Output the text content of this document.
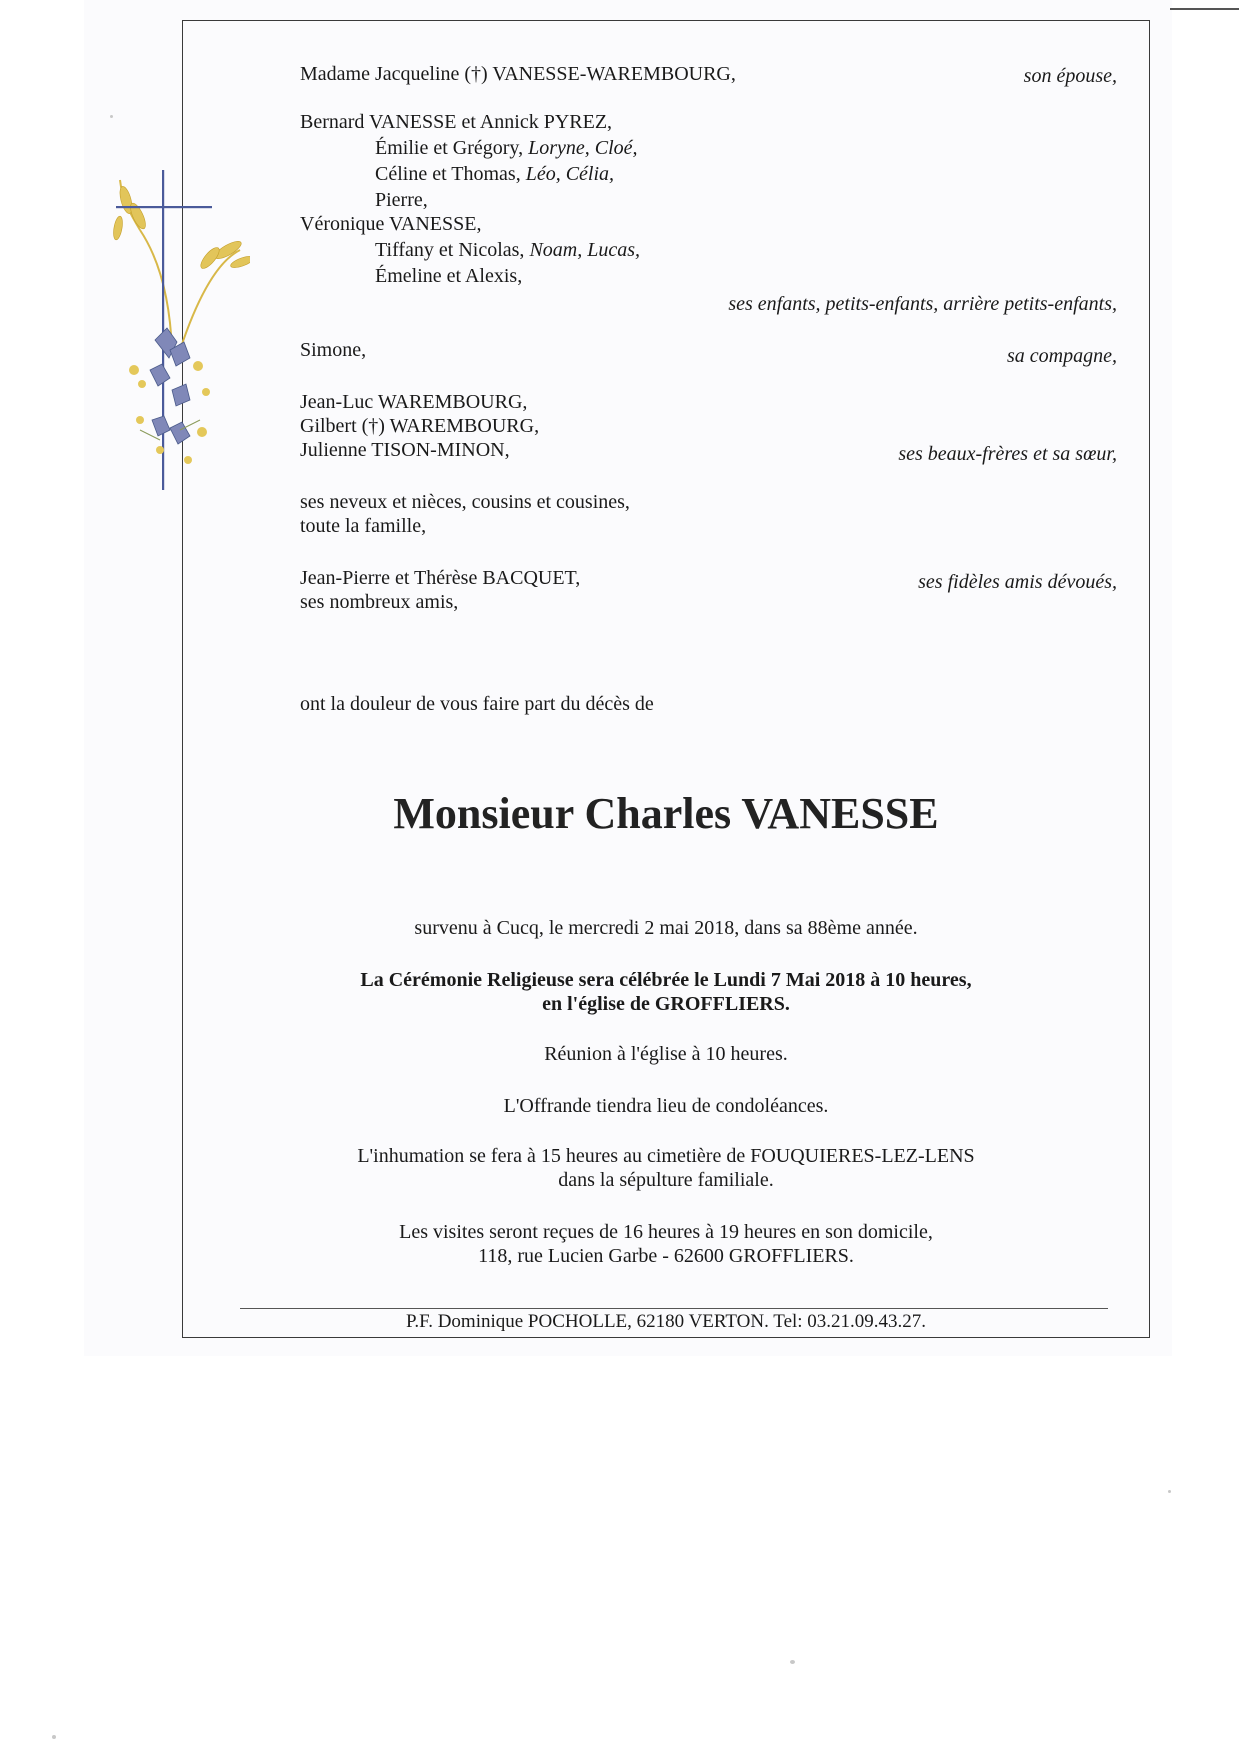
Madame Jacqueline (†) VANESSE-WAREMBOURG,	son épouse,
Bernard VANESSE et Annick PYREZ,
Émilie et Grégory, Loryne, Cloé,
Céline et Thomas, Léo, Célia,
Pierre,
Véronique VANESSE,
Tiffany et Nicolas, Noam, Lucas,
Émeline et Alexis,
ses enfants, petits-enfants, arrière petits-enfants,
Simone,	sa compagne,
Jean-Luc WAREMBOURG,
Gilbert (†) WAREMBOURG,
Julienne TISON-MINON,	ses beaux-frères et sa sœur,
ses neveux et nièces, cousins et cousines,
toute la famille,
Jean-Pierre et Thérèse BACQUET,	ses fidèles amis dévoués,
ses nombreux amis,
ont la douleur de vous faire part du décès de
Monsieur Charles VANESSE
survenu à Cucq, le mercredi 2 mai 2018, dans sa 88ème année.
La Cérémonie Religieuse sera célébrée le Lundi 7 Mai 2018 à 10 heures,
en l'église de GROFFLIERS.
Réunion à l'église à 10 heures.
L'Offrande tiendra lieu de condoléances.
L'inhumation se fera à 15 heures au cimetière de FOUQUIERES-LEZ-LENS
dans la sépulture familiale.
Les visites seront reçues de 16 heures à 19 heures en son domicile,
118, rue Lucien Garbe - 62600 GROFFLIERS.
P.F. Dominique POCHOLLE, 62180 VERTON. Tel: 03.21.09.43.27.
